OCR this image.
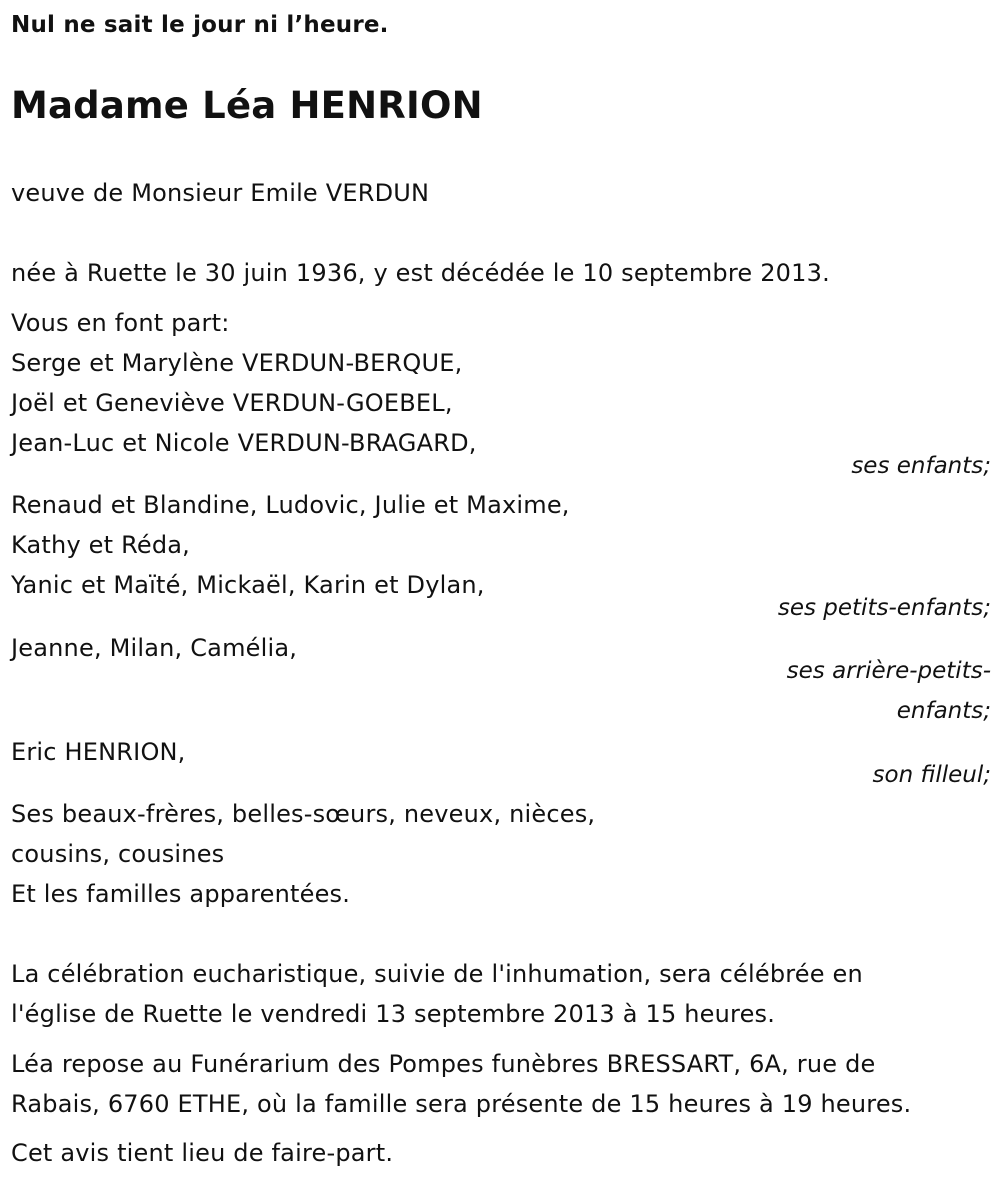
Nul ne sait le jour ni l’heure.
Madame Léa HENRION
veuve de Monsieur Emile VERDUN
née à Ruette le 30 juin 1936, y est décédée le 10 septembre 2013.
Vous en font part:
Serge et Marylène VERDUN-BERQUE,
Joël et Geneviève VERDUN-GOEBEL,
Jean-Luc et Nicole VERDUN-BRAGARD,
ses enfants;
Renaud et Blandine, Ludovic, Julie et Maxime,
Kathy et Réda,
Yanic et Maïté, Mickaël, Karin et Dylan,
ses petits-enfants;
Jeanne, Milan, Camélia,
ses arrière-petits-
enfants;
Eric HENRION,
son filleul;
Ses beaux-frères, belles-sœurs, neveux, nièces,
cousins, cousines
Et les familles apparentées.
La célébration eucharistique, suivie de l'inhumation, sera célébrée en
l'église de Ruette le vendredi 13 septembre 2013 à 15 heures.
Léa repose au Funérarium des Pompes funèbres BRESSART, 6A, rue de
Rabais, 6760 ETHE, où la famille sera présente de 15 heures à 19 heures.
Cet avis tient lieu de faire-part.
